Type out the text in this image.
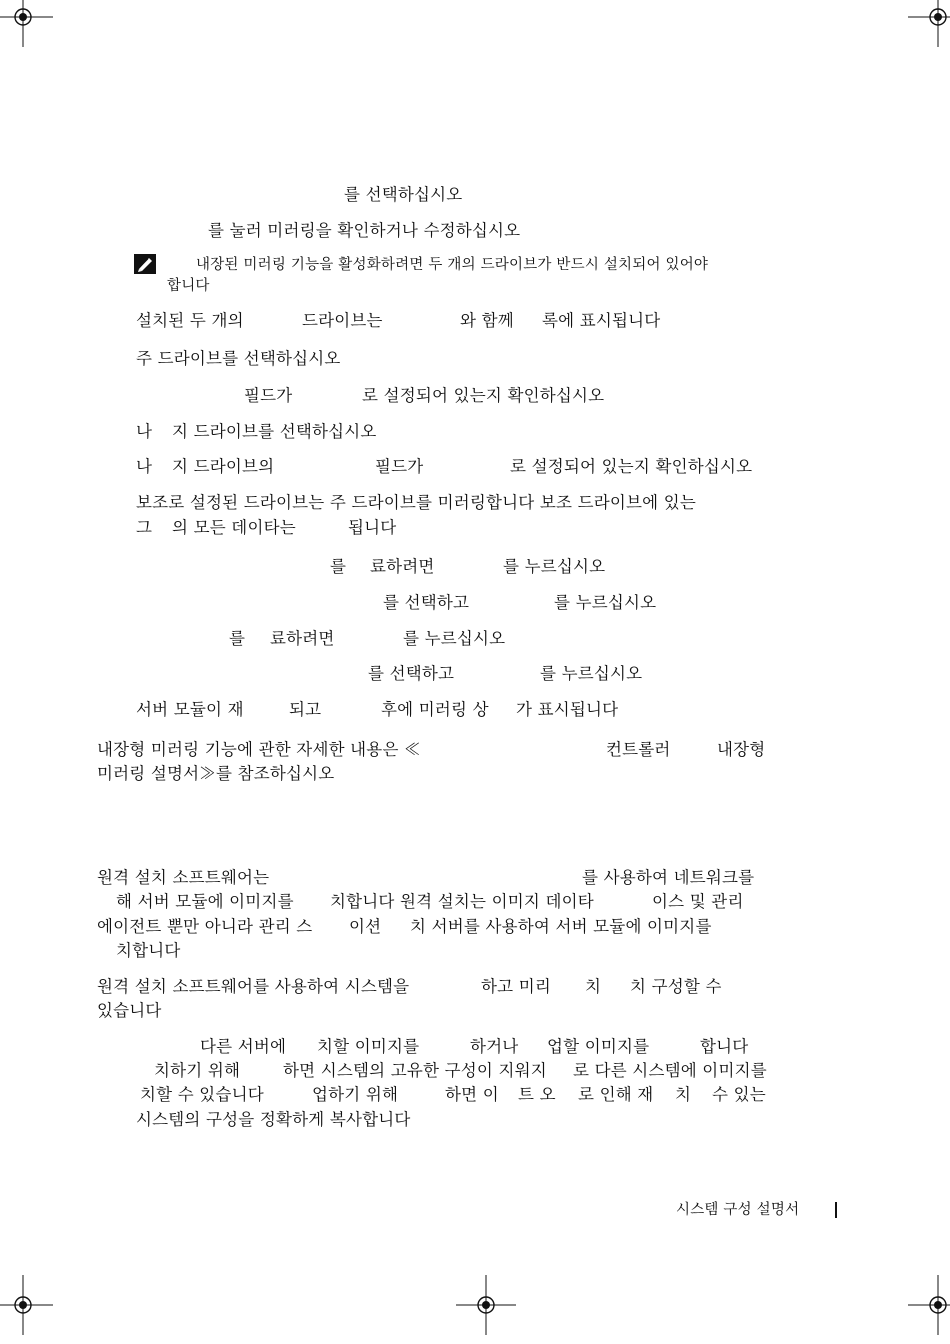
를 선택하십시오
를 눌러 미러링을 확인하거나 수정하십시오
내장된 미러링 기능을 활성화하려면 두 개의 드라이브가 반드시 설치되어 있어야
합니다
설치된 두 개의	드라이브는	와 함께 록에 표시됩니다
주 드라이브를 선택하십시오
필드가	로 설정되어 있는지 확인하십시오
나 지 드라이브를 선택하십시오
나 지 드라이브의	필드가	로 설정되어 있는지 확인하십시오
보조로 설정된 드라이브는 주 드라이브를 미러링합니다 보조 드라이브에 있는
그 의 모든 데이타는	됩니다
를 료하려면	를 누르십시오
를 선택하고	를 누르십시오
를 료하려면	를 누르십시오
를 선택하고	를 누르십시오
서버 모듈이 재	되고	후에 미러링 상 가 표시됩니다
내장형 미러링 기능에 관한 자세한 내용은 ≪	컨트롤러	내장형
미러링 설명서≫를 참조하십시오
원격 설치 소프트웨어는	를 사용하여 네트워크를
해 서버 모듈에 이미지를 치합니다 원격 설치는 이미지 데이타	이스 및 관리
에이전트 뿐만 아니라 관리 스 이션 치 서버를 사용하여 서버 모듈에 이미지를
치합니다
원격 설치 소프트웨어를 사용하여 시스템을	하고 미리 치 치 구성할 수
있습니다
다른 서버에 치할 이미지를	하거나 업할 이미지를	합니다
치하기 위해	하면 시스템의 고유한 구성이 지워지 로 다른 시스템에 이미지를
치할 수 있습니다	업하기 위해	하면 이 트 오 로 인해 재 치 수 있는
시스템의 구성을 정확하게 복사합니다
시스템 구성 설명서
